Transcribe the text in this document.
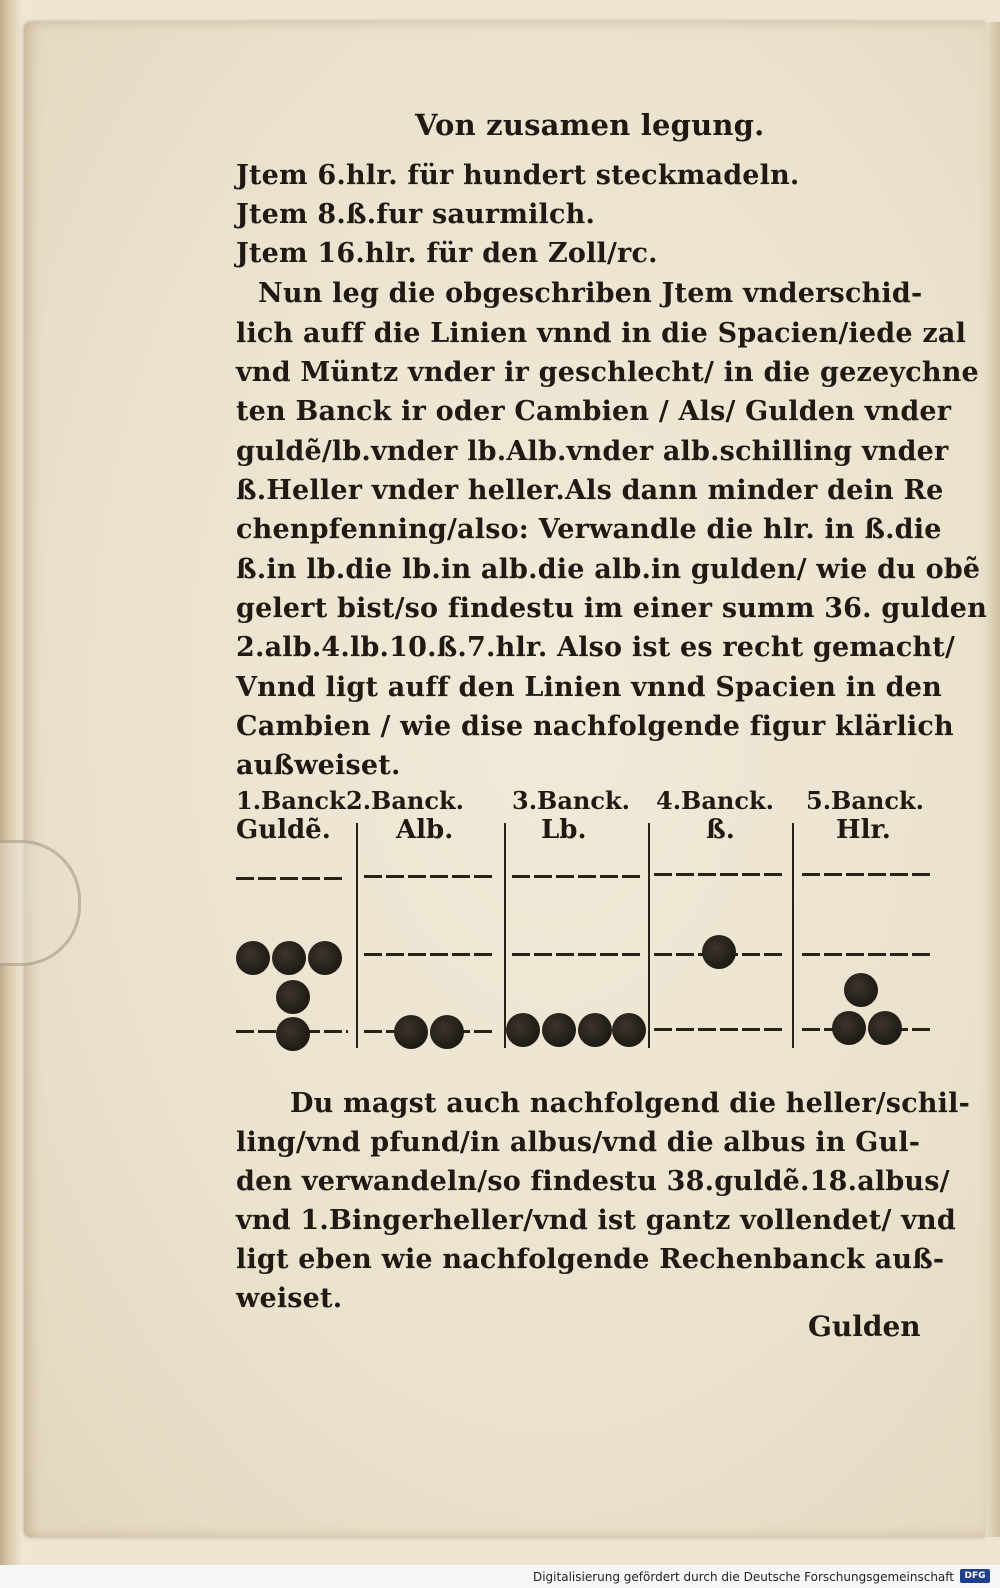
Von zusamen legung.
Jtem 6.hlr. für hundert steckmadeln.
Jtem 8.ß.fur saurmilch.
Jtem 16.hlr. für den Zoll/rc.
Nun leg die obgeschriben Jtem vnderschid-
lich auff die Linien vnnd in die Spacien/iede zal
vnd Müntz vnder ir geschlecht/ in die gezeychne
ten Banck ir oder Cambien / Als/ Gulden vnder
guldẽ/lb.vnder lb.Alb.vnder alb.schilling vnder
ß.Heller vnder heller.Als dann minder dein Re
chenpfenning/also: Verwandle die hlr. in ß.die
ß.in lb.die lb.in alb.die alb.in gulden/ wie du obẽ
gelert bist/so findestu im einer summ 36. gulden
2.alb.4.lb.10.ß.7.hlr. Also ist es recht gemacht/
Vnnd ligt auff den Linien vnnd Spacien in den
Cambien / wie dise nachfolgende figur klärlich
außweiset.
1.Banck.
2.Banck. 3.Banck. 4.Banck. 5.Banck.
Guldẽ.	Alb.	Lb.	ß.	Hlr.
Du magst auch nachfolgend die heller/schil-
ling/vnd pfund/in albus/vnd die albus in Gul-
den verwandeln/so findestu 38.guldẽ.18.albus/
vnd 1.Bingerheller/vnd ist gantz vollendet/ vnd
ligt eben wie nachfolgende Rechenbanck auß-
weiset.
Gulden
Digitalisierung gefördert durch die Deutsche Forschungsgemeinschaft	DFG
